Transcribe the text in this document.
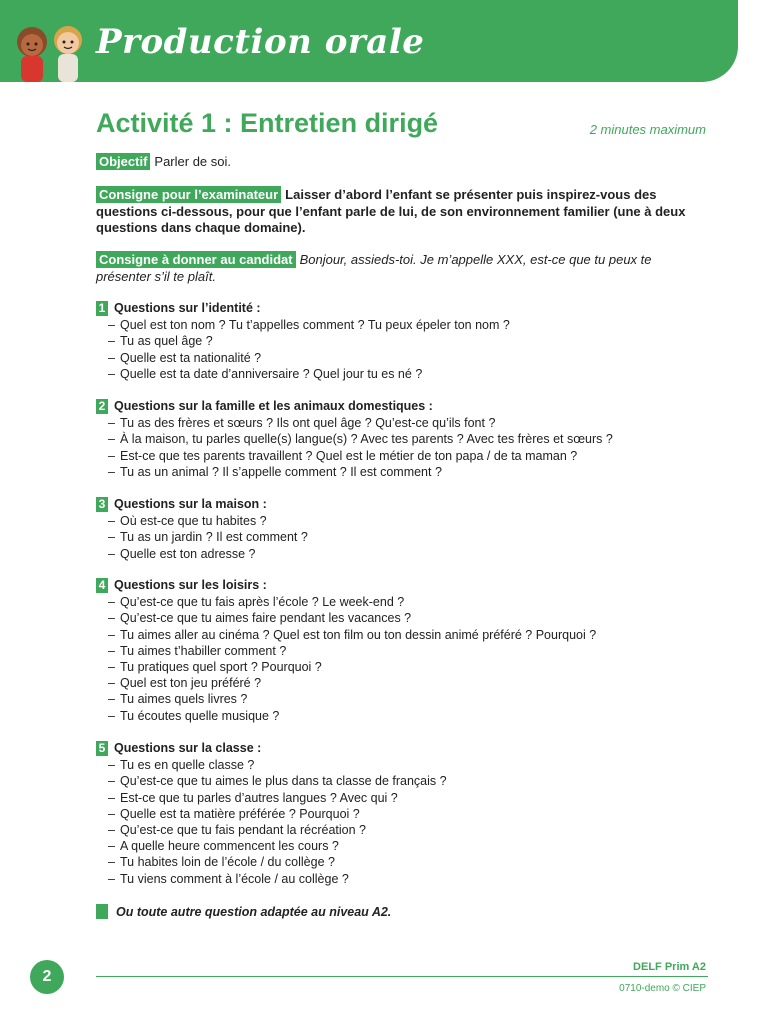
Production orale
Activité 1 : Entretien dirigé	2 minutes maximum
Objectif Parler de soi.
Consigne pour l’examinateur Laisser d’abord l’enfant se présenter puis inspirez-vous des questions ci-dessous, pour que l’enfant parle de lui, de son environnement familier (une à deux questions dans chaque domaine).
Consigne à donner au candidat Bonjour, assieds-toi. Je m’appelle XXX, est-ce que tu peux te présenter s’il te plaît.
1 Questions sur l’identité :
– Quel est ton nom ? Tu t’appelles comment ? Tu peux épeler ton nom ?
– Tu as quel âge ?
– Quelle est ta nationalité ?
– Quelle est ta date d’anniversaire ? Quel jour tu es né ?
2 Questions sur la famille et les animaux domestiques :
– Tu as des frères et sœurs ? Ils ont quel âge ? Qu’est-ce qu’ils font ?
– À la maison, tu parles quelle(s) langue(s) ? Avec tes parents ? Avec tes frères et sœurs ?
– Est-ce que tes parents travaillent ? Quel est le métier de ton papa / de ta maman ?
– Tu as un animal ? Il s’appelle comment ? Il est comment ?
3 Questions sur la maison :
– Où est-ce que tu habites ?
– Tu as un jardin ? Il est comment ?
– Quelle est ton adresse ?
4 Questions sur les loisirs :
– Qu’est-ce que tu fais après l’école ? Le week-end ?
– Qu’est-ce que tu aimes faire pendant les vacances ?
– Tu aimes aller au cinéma ? Quel est ton film ou ton dessin animé préféré ? Pourquoi ?
– Tu aimes t’habiller comment ?
– Tu pratiques quel sport ? Pourquoi ?
– Quel est ton jeu préféré ?
– Tu aimes quels livres ?
– Tu écoutes quelle musique ?
5 Questions sur la classe :
– Tu es en quelle classe ?
– Qu’est-ce que tu aimes le plus dans ta classe de français ?
– Est-ce que tu parles d’autres langues ? Avec qui ?
– Quelle est ta matière préférée ? Pourquoi ?
– Qu’est-ce que tu fais pendant la récréation ?
– A quelle heure commencent les cours ?
– Tu habites loin de l’école / du collège ?
– Tu viens comment à l’école / au collège ?
Ou toute autre question adaptée au niveau A2.
2
DELF Prim A2
0710-demo © CIEP
